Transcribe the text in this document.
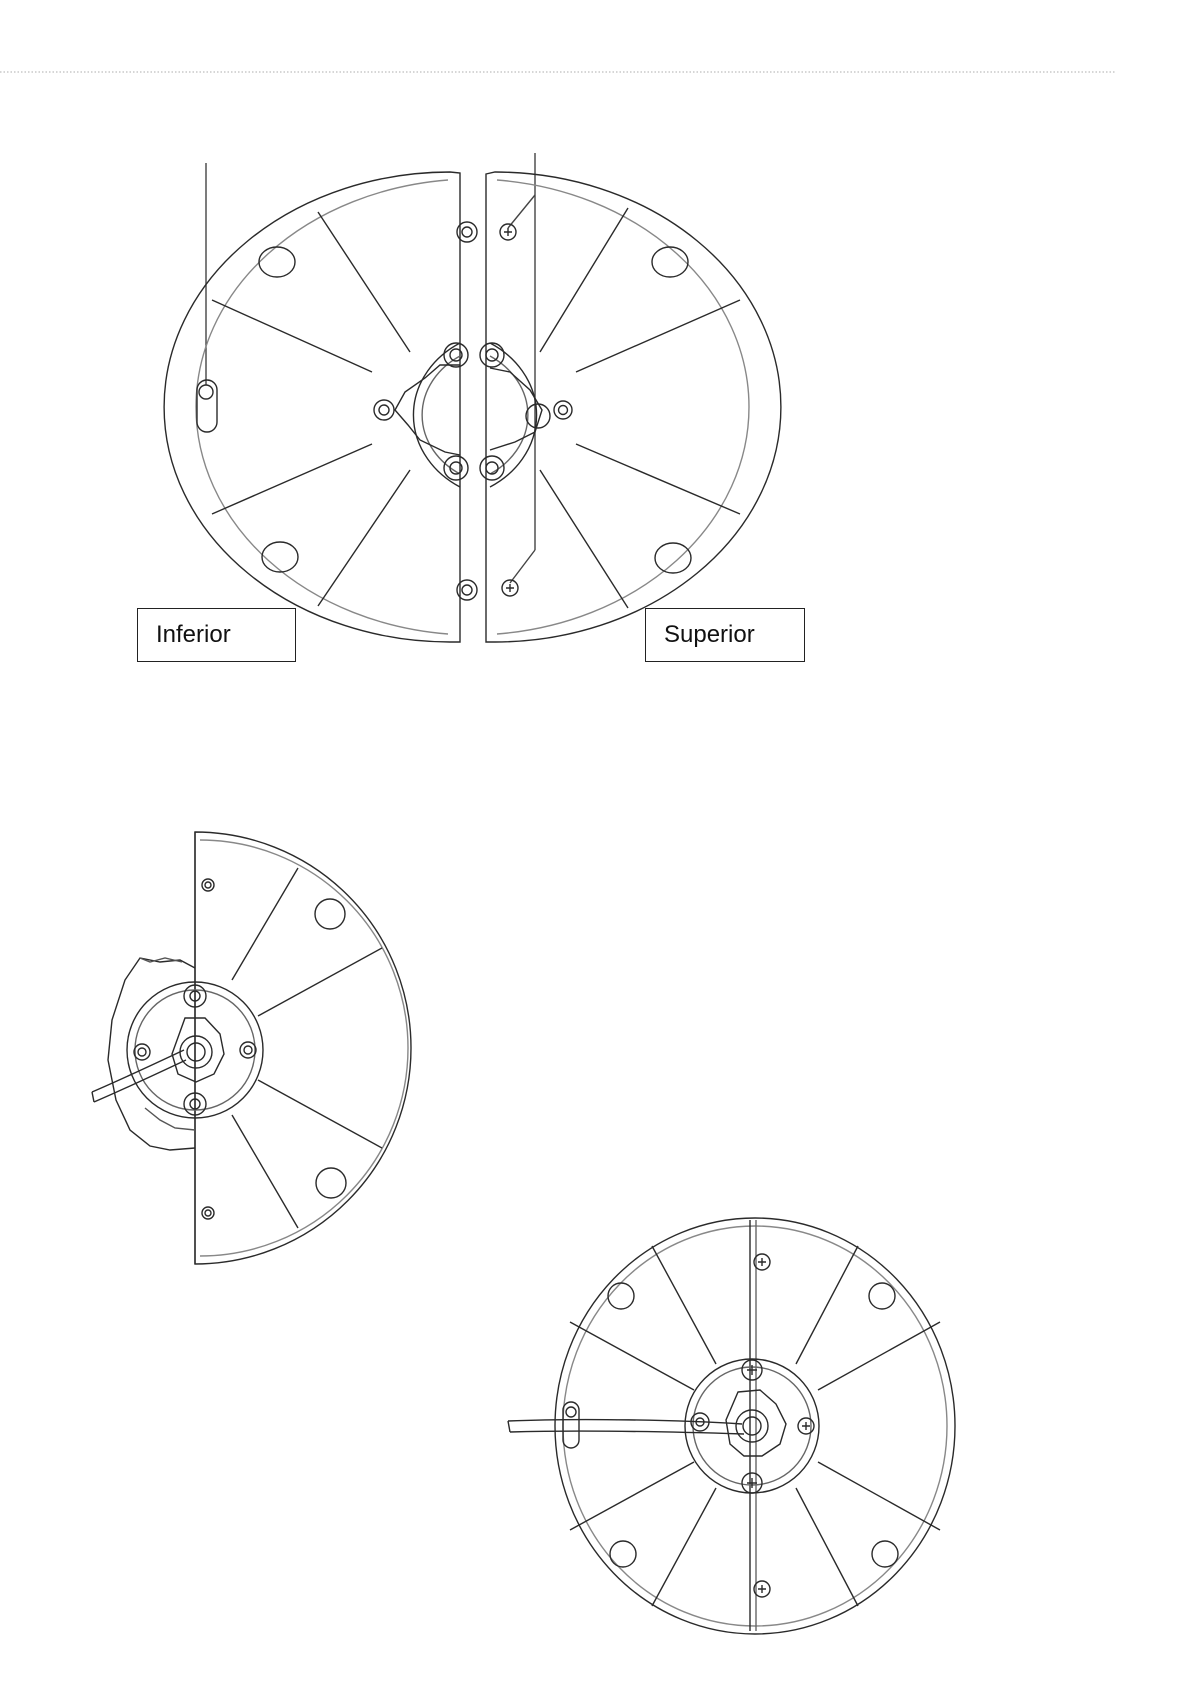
Inferior	Superior
